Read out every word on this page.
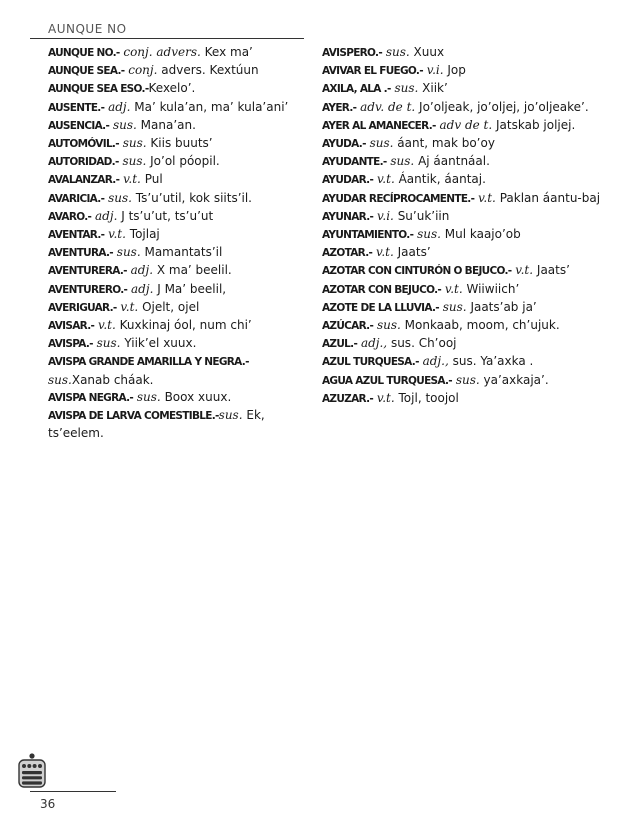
AUNQUE NO
AUNQUE NO.- conj. advers. Kex ma’
AUNQUE SEA.- conj. advers. Kextúun
AUNQUE SEA ESO.-Kexelo’.
AUSENTE.- adj. Ma’ kula’an, ma’ kula’ani’
AUSENCIA.- sus. Mana’an.
AUTOMÓVIL.- sus. Kiis buuts’
AUTORIDAD.- sus. Jo’ol póopil.
AVALANZAR.- v.t. Pul
AVARICIA.- sus. Ts’u’util, kok siits’il.
AVARO.- adj. J ts’u’ut, ts’u’ut
AVENTAR.- v.t. Tojlaj
AVENTURA.- sus. Mamantats’il
AVENTURERA.- adj. X ma’ beelil.
AVENTURERO.- adj. J Ma’ beelil,
AVERIGUAR.- v.t. Ojelt, ojel
AVISAR.- v.t. Kuxkinaj óol, num chi’
AVISPA.- sus. Yiik’el xuux.
AVISPA GRANDE AMARILLA Y NEGRA.- sus.Xanab cháak.
AVISPA NEGRA.- sus. Boox xuux.
AVISPA DE LARVA COMESTIBLE.-sus. Ek, ts’eelem.
AVISPERO.- sus. Xuux
AVIVAR EL FUEGO.- v.i. Jop
AXILA, ALA .- sus. Xiik’
AYER.- adv. de t. Jo’oljeak, jo’oljej, jo’oljeake’.
AYER AL AMANECER.- adv de t. Jatskab joljej.
AYUDA.- sus. áant, mak bo’oy
AYUDANTE.- sus. Aj áantnáal.
AYUDAR.- v.t. Áantik, áantaj.
AYUDAR RECÍPROCAMENTE.- v.t. Paklan áantu-baj
AYUNAR.- v.i. Su’uk’iin
AYUNTAMIENTO.- sus. Mul kaajo’ob
AZOTAR.- v.t. Jaats’
AZOTAR CON CINTURÓN O BEJUCO.- v.t. Jaats’
AZOTAR CON BEJUCO.- v.t. Wiiwiich’
AZOTE DE LA LLUVIA.- sus. Jaats’ab ja’
AZÚCAR.- sus. Monkaab, moom, ch’ujuk.
AZUL.- adj., sus. Ch’ooj
AZUL TURQUESA.- adj., sus. Ya’axka .
AGUA AZUL TURQUESA.- sus. ya’axkaja’.
AZUZAR.- v.t. Tojl, toojol
36
